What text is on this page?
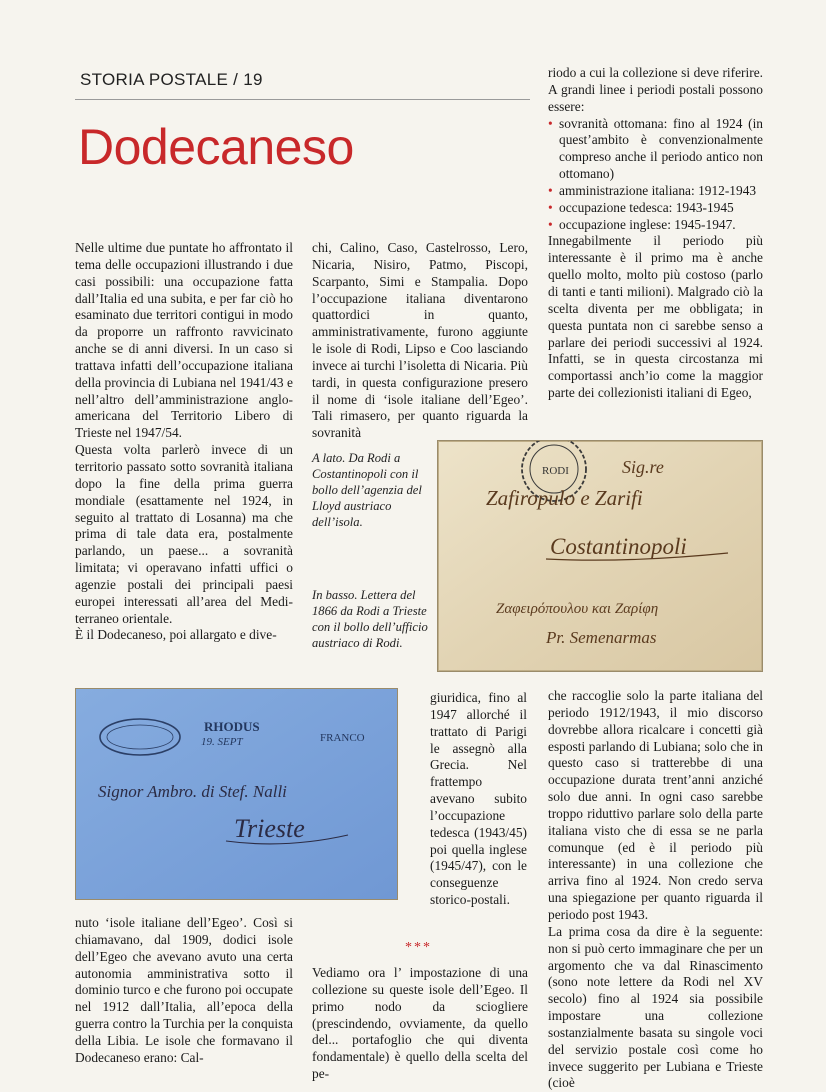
STORIA POSTALE / 19
Dodecaneso

Nelle ultime due puntate ho affrontato il tema delle occupazioni illustrando i due casi possibili: una occupazione fatta dall’Italia ed una subita, e per far ciò ho esaminato due territori contigui in modo da proporre un raffronto ravvicinato anche se di anni diversi. In un caso si trattava infatti dell’occupazione italiana della provincia di Lubiana nel 1941/43 e nell’altro dell’amministrazione anglo-americana del Territorio Libero di Trieste nel 1947/54.

Questa volta parlerò invece di un territorio passato sotto sovranità italiana dopo la fine della prima guerra mondiale (esattamente nel 1924, in seguito al trattato di Losanna) ma che prima di tale data era, postalmente parlando, un paese... a sovranità limitata; vi operavano infatti uffici o agenzie postali dei principali paesi europei interessati all’area del Medi-terraneo orientale.

È il Dodecaneso, poi allargato e dive-

chi, Calino, Caso, Castelrosso, Lero, Nicaria, Nisiro, Patmo, Piscopi, Scarpanto, Simi e Stampalia. Dopo l’occupazione italiana diventarono quattordici in quanto, amministrativamente, furono aggiunte le isole di Rodi, Lipso e Coo lasciando invece ai turchi l’isoletta di Nicaria. Più tardi, in questa configurazione presero il nome di ‘isole italiane dell’Egeo’. Tali rimasero, per quanto riguarda la sovranità

riodo a cui la collezione si deve riferire. A grandi linee i periodi postali possono essere:

• sovranità ottomana: fino al 1924 (in quest’ambito è convenzionalmente compreso anche il periodo antico non ottomano)
• amministrazione italiana: 1912-1943
• occupazione tedesca: 1943-1945
• occupazione inglese: 1945-1947.

Innegabilmente il periodo più interessante è il primo ma è anche quello molto, molto più costoso (parlo di tanti e tanti milioni). Malgrado ciò la scelta diventa per me obbligata; in questa puntata non ci sarebbe senso a parlare dei periodi successivi al 1924. Infatti, se in questa circostanza mi comportassi anch’io come la maggior parte dei collezionisti italiani di Egeo,

A lato. Da Rodi a Costantinopoli con il bollo dell’agenzia del Lloyd austriaco dell’isola.
In basso. Lettera del 1866 da Rodi a Trieste con il bollo dell’ufficio austriaco di Rodi.
RODI	Sig.re
Zafiropulo e Zarifi
Costantinopoli
Ζαφειρόπουλου και Ζαρίφη
Pr. Semenarmas
RHODUS
19. SEPT	FRANCO
Signor Ambro. di Stef. Nalli
Trieste

giuridica, fino al 1947 allorché il trattato di Parigi le assegnò alla Grecia. Nel frattempo avevano subito l’occupazione tedesca (1943/45) poi quella inglese (1945/47), con le conseguenze storico-postali.

***

nuto ‘isole italiane dell’Egeo’. Così si chiamavano, dal 1909, dodici isole dell’Egeo che avevano avuto una certa autonomia amministrativa sotto il dominio turco e che furono poi occupate nel 1912 dall’Italia, all’epoca della guerra contro la Turchia per la conquista della Libia. Le isole che formavano il Dodecaneso erano: Cal-

Vediamo ora l’ impostazione di una collezione su queste isole dell’Egeo. Il primo nodo da sciogliere (prescindendo, ovviamente, da quello del... portafoglio che qui diventa fondamentale) è quello della scelta del pe-

che raccoglie solo la parte italiana del periodo 1912/1943, il mio discorso dovrebbe allora ricalcare i concetti già esposti parlando di Lubiana; solo che in questo caso si tratterebbe di una occupazione durata trent’anni anziché solo due anni. In ogni caso sarebbe troppo riduttivo parlare solo della parte italiana visto che di essa se ne parla comunque (ed è il periodo più interessante) in una collezione che arriva fino al 1924. Non credo serva una spiegazione per quanto riguarda il periodo post 1943.

La prima cosa da dire è la seguente: non si può certo immaginare che per un argomento che va dal Rinascimento (sono note lettere da Rodi nel XV secolo) fino al 1924 sia possibile impostare una collezione sostanzialmente basata su singole voci del servizio postale così come ho invece suggerito per Lubiana e Trieste (cioè
